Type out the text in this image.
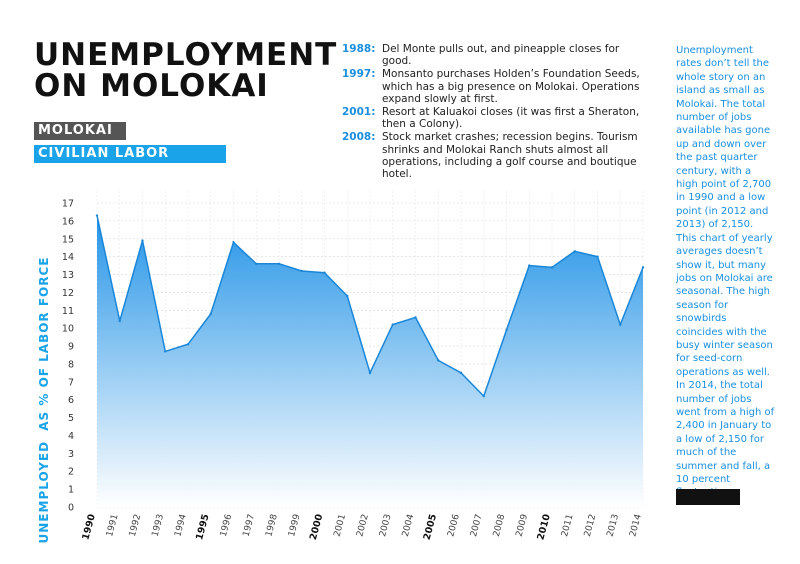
UNEMPLOYMENT ON MOLOKAI
MOLOKAI
CIVILIAN LABOR FORCE
1988: Del Monte pulls out, and pineapple closes for good.
1997: Monsanto purchases Holden’s Foundation Seeds, which has a big presence on Molokai. Operations expand slowly at first.
2001: Resort at Kaluakoi closes (it was first a Sheraton, then a Colony).
2008: Stock market crashes; recession begins. Tourism shrinks and Molokai Ranch shuts almost all operations, including a golf course and boutique hotel.
Unemployment rates don’t tell the whole story on an island as small as Molokai. The total number of jobs available has gone up and down over the past quarter century, with a high point of 2,700 in 1990 and a low point (in 2012 and 2013) of 2,150. This chart of yearly averages doesn’t show it, but many jobs on Molokai are seasonal. The high season for snowbirds coincides with the busy winter season for seed-corn operations as well. In 2014, the total number of jobs went from a high of 2,400 in January to a low of 2,150 for much of the summer and fall, a 10 percent
0
1
2
3
4
5
6
7
8
9
10
11
12
13
14
15
16
17
1990 1991 1992 1993 1994 1995 1996 1997 1998 1999 2000 2001 2002 2003 2004 2005 2006 2007 2008 2009 2010 2011 2012 2013 2014
UNEMPLOYED AS % OF LABOR FORCE
